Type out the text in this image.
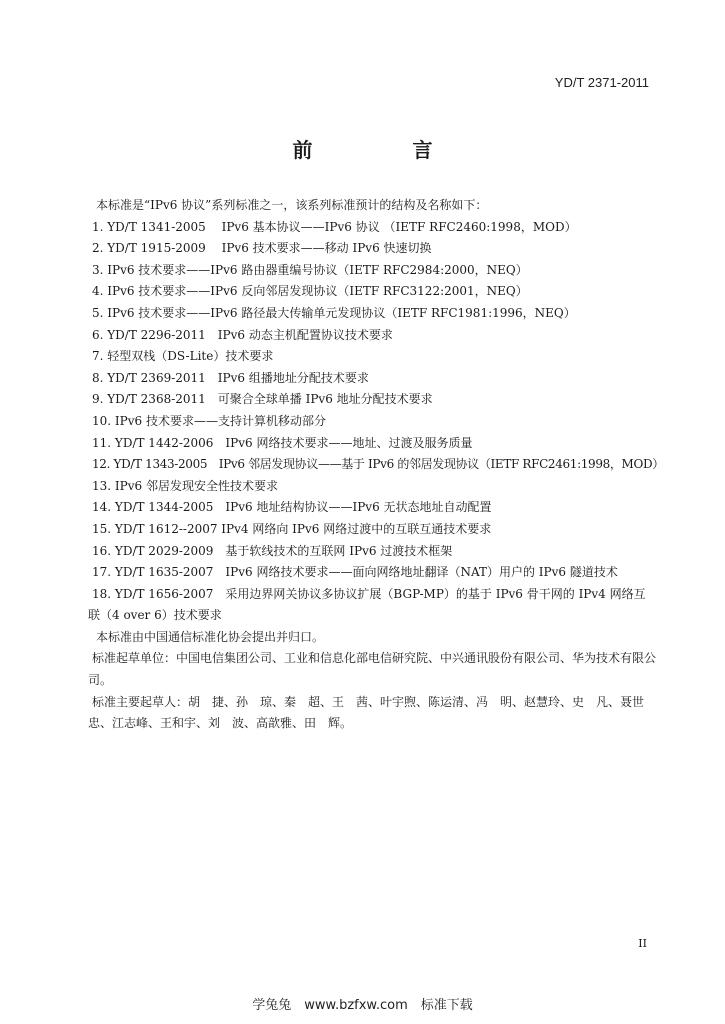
YD/T 2371-2011
前　言
本标准是“IPv6 协议”系列标准之一，该系列标准预计的结构及名称如下：
1. YD/T 1341-2005　 IPv6 基本协议——IPv6 协议 （IETF RFC2460:1998，MOD）
2. YD/T 1915-2009　 IPv6 技术要求——移动 IPv6 快速切换
3. IPv6 技术要求——IPv6 路由器重编号协议（IETF RFC2984:2000，NEQ）
4. IPv6 技术要求——IPv6 反向邻居发现协议（IETF RFC3122:2001，NEQ）
5. IPv6 技术要求——IPv6 路径最大传输单元发现协议（IETF RFC1981:1996，NEQ）
6. YD/T 2296-2011　IPv6 动态主机配置协议技术要求
7. 轻型双栈（DS-Lite）技术要求
8. YD/T 2369-2011　IPv6 组播地址分配技术要求
9. YD/T 2368-2011　可聚合全球单播 IPv6 地址分配技术要求
10. IPv6 技术要求——支持计算机移动部分
11. YD/T 1442-2006　IPv6 网络技术要求——地址、过渡及服务质量
12. YD/T 1343-2005　IPv6 邻居发现协议——基于 IPv6 的邻居发现协议（IETF RFC2461:1998，MOD）
13. IPv6 邻居发现安全性技术要求
14. YD/T 1344-2005　IPv6 地址结构协议——IPv6 无状态地址自动配置
15. YD/T 1612--2007 IPv4 网络向 IPv6 网络过渡中的互联互通技术要求
16. YD/T 2029-2009　基于软线技术的互联网 IPv6 过渡技术框架
17. YD/T 1635-2007　IPv6 网络技术要求——面向网络地址翻译（NAT）用户的 IPv6 隧道技术
18. YD/T 1656-2007　采用边界网关协议多协议扩展（BGP-MP）的基于 IPv6 骨干网的 IPv4 网络互联（4 over 6）技术要求
本标准由中国通信标准化协会提出并归口。
标准起草单位：中国电信集团公司、工业和信息化部电信研究院、中兴通讯股份有限公司、华为技术有限公司。
标准主要起草人：胡　捷、孙　琼、秦　超、王　茜、叶宇煦、陈运清、冯　明、赵慧玲、史　凡、聂世忠、江志峰、王和宇、刘　波、高歆雅、田　辉。
II
学兔兔　www.bzfxw.com　标准下载
